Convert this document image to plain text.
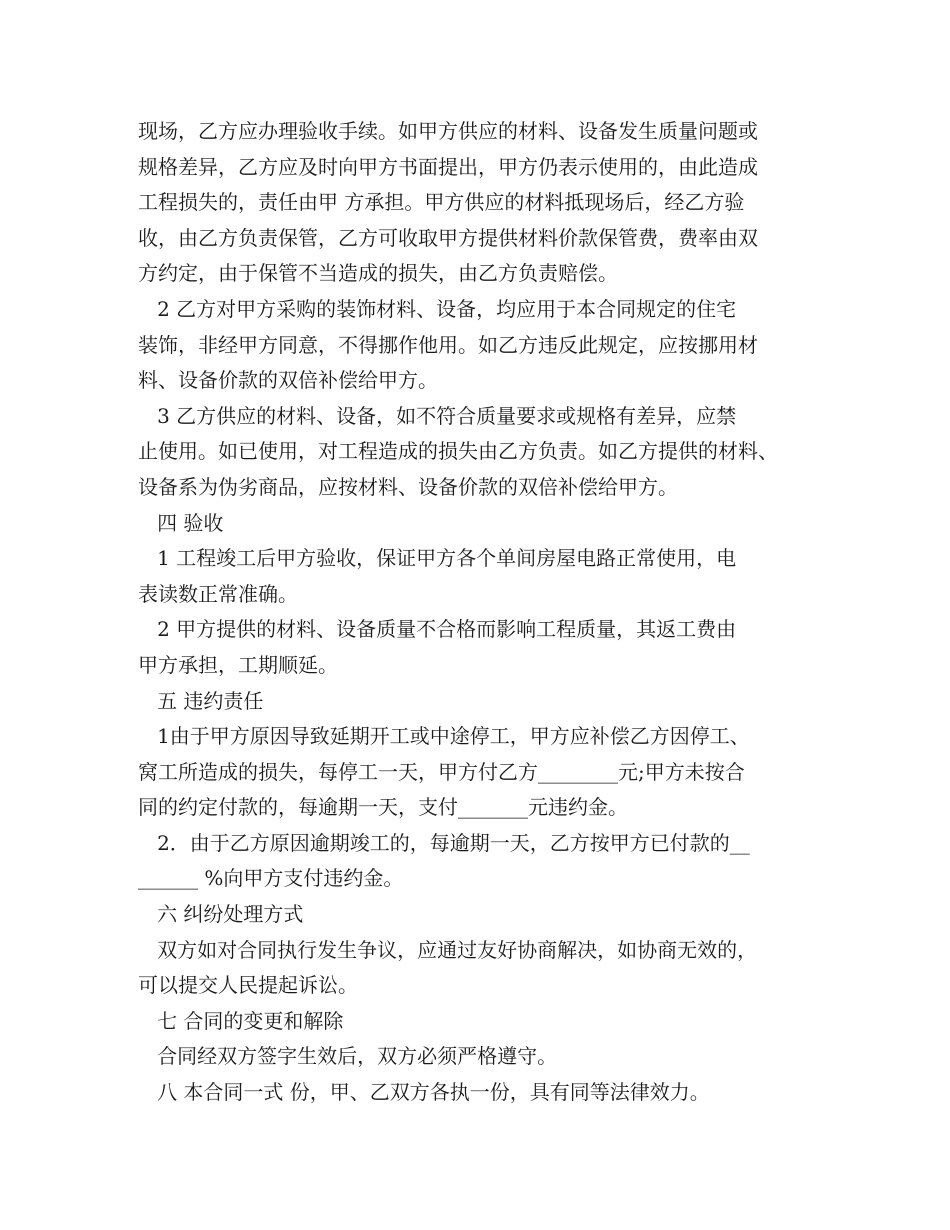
现场，乙方应办理验收手续。如甲方供应的材料、设备发生质量问题或
规格差异，乙方应及时向甲方书面提出，甲方仍表示使用的，由此造成
工程损失的，责任由甲 方承担。甲方供应的材料抵现场后，经乙方验
收，由乙方负责保管，乙方可收取甲方提供材料价款保管费，费率由双
方约定，由于保管不当造成的损失，由乙方负责赔偿。
2 乙方对甲方采购的装饰材料、设备，均应用于本合同规定的住宅
装饰，非经甲方同意，不得挪作他用。如乙方违反此规定，应按挪用材
料、设备价款的双倍补偿给甲方。
3 乙方供应的材料、设备，如不符合质量要求或规格有差异，应禁
止使用。如已使用，对工程造成的损失由乙方负责。如乙方提供的材料、
设备系为伪劣商品，应按材料、设备价款的双倍补偿给甲方。
四 验收
1 工程竣工后甲方验收，保证甲方各个单间房屋电路正常使用，电
表读数正常准确。
2 甲方提供的材料、设备质量不合格而影响工程质量，其返工费由
甲方承担，工期顺延。
五 违约责任
1由于甲方原因导致延期开工或中途停工，甲方应补偿乙方因停工、
窝工所造成的损失，每停工一天，甲方付乙方________元;甲方未按合
同的约定付款的，每逾期一天，支付_______元违约金。
2．由于乙方原因逾期竣工的，每逾期一天，乙方按甲方已付款的__
______ %向甲方支付违约金。
六 纠纷处理方式
双方如对合同执行发生争议，应通过友好协商解决，如协商无效的，
可以提交人民提起诉讼。
七 合同的变更和解除
合同经双方签字生效后，双方必须严格遵守。
八 本合同一式 份，甲、乙双方各执一份，具有同等法律效力。
